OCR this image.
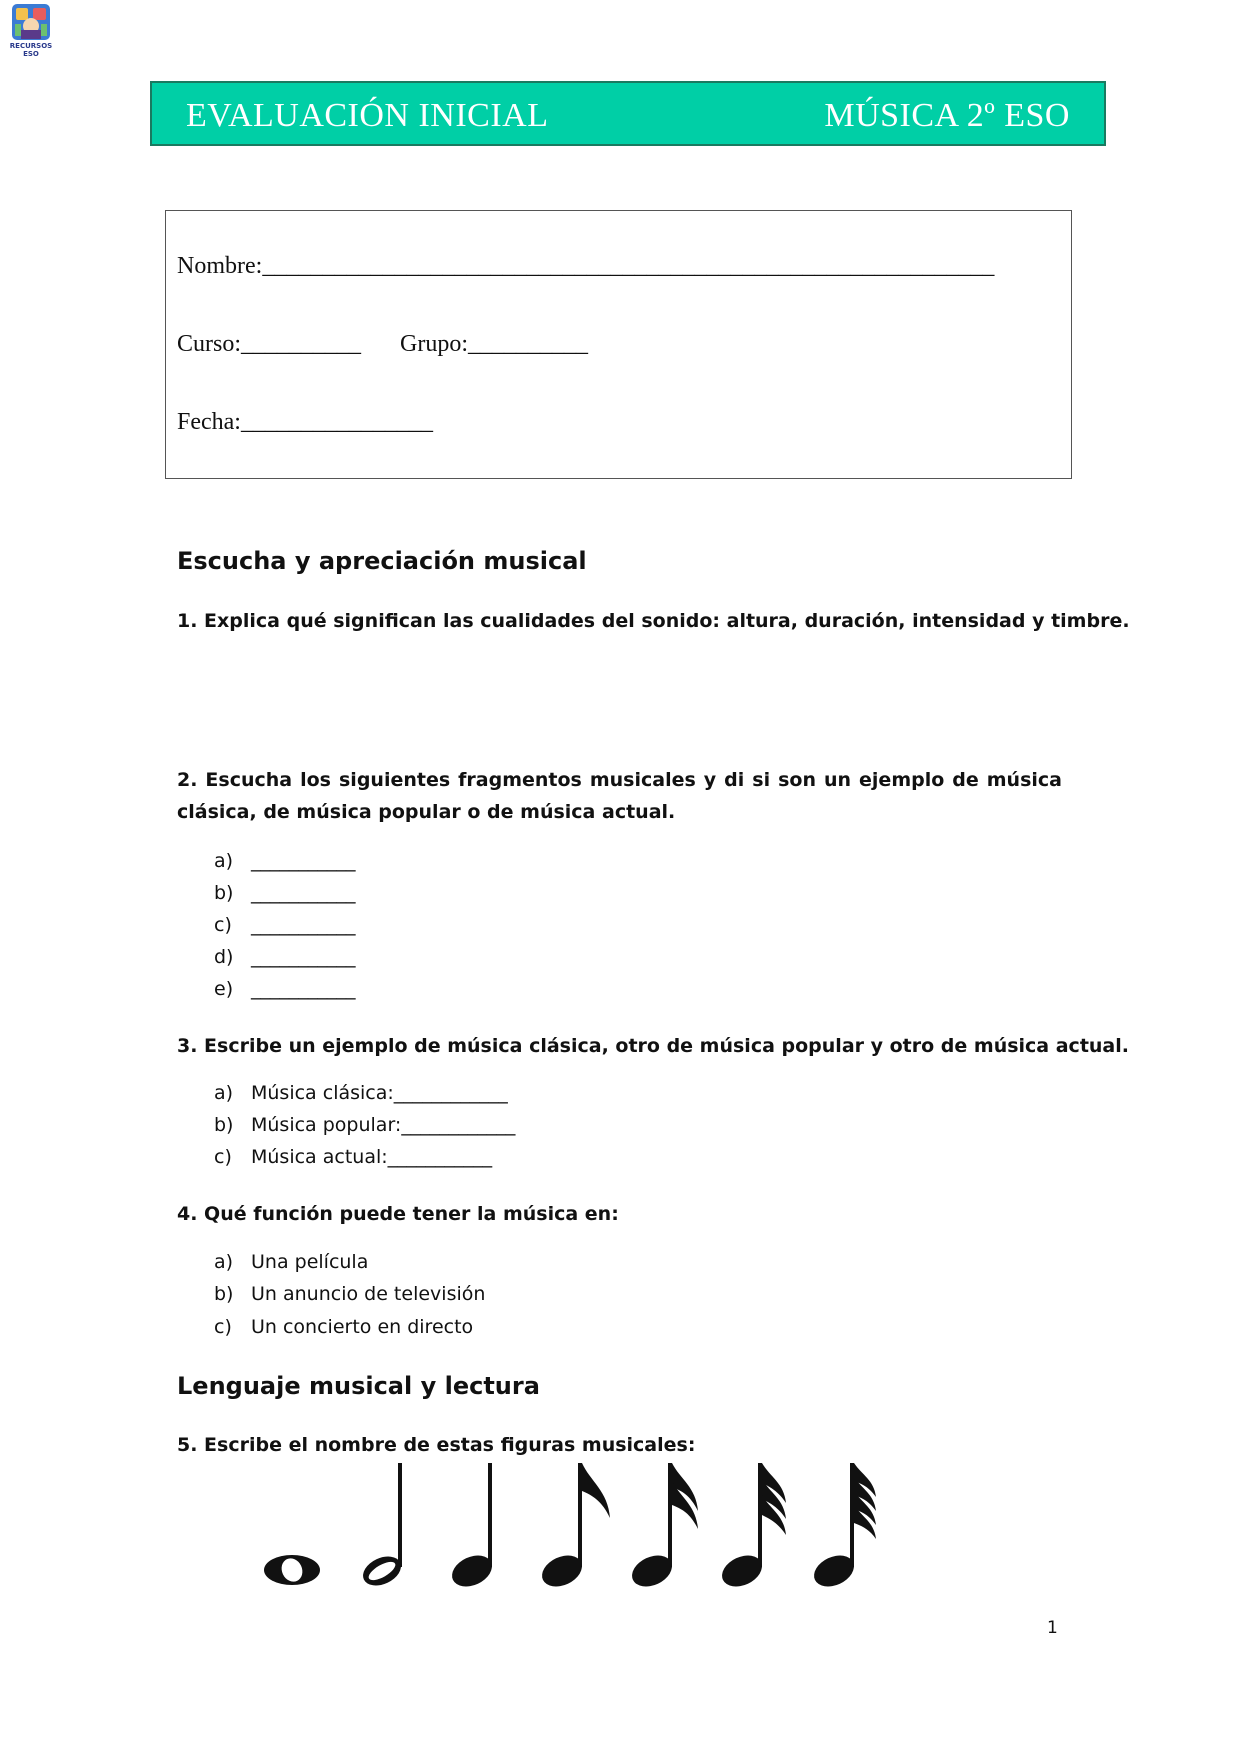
RECURSOS ESO
EVALUACIÓN INICIAL	MÚSICA 2º ESO
Nombre:_____________________________________________________________
Curso:__________ Grupo:__________
Fecha:________________
Escucha y apreciación musical
1. Explica qué significan las cualidades del sonido: altura, duración, intensidad y timbre.
2. Escucha los siguientes fragmentos musicales y di si son un ejemplo de música clásica, de música popular o de música actual.
a) ___________
b) ___________
c) ___________
d) ___________
e) ___________
3. Escribe un ejemplo de música clásica, otro de música popular y otro de música actual.
a) Música clásica:____________
b) Música popular:____________
c) Música actual:___________
4. Qué función puede tener la música en:
a) Una película
b) Un anuncio de televisión
c) Un concierto en directo
Lenguaje musical y lectura
5. Escribe el nombre de estas figuras musicales:
1
